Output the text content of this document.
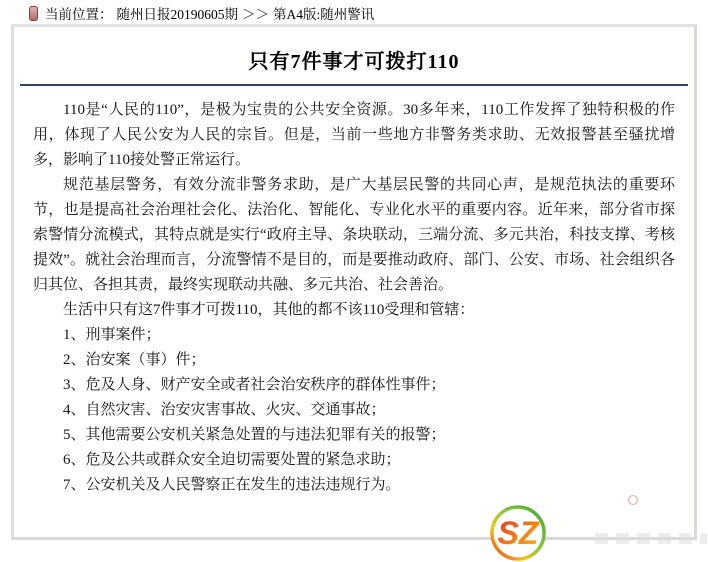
当前位置： 随州日报20190605期 ＞＞ 第A4版:随州警讯
只有7件事才可拨打110

110是“人民的110”，是极为宝贵的公共安全资源。30多年来，110工作发挥了独特积极的作用，体现了人民公安为人民的宗旨。但是，当前一些地方非警务类求助、无效报警甚至骚扰增多，影响了110接处警正常运行。

规范基层警务，有效分流非警务求助，是广大基层民警的共同心声，是规范执法的重要环节，也是提高社会治理社会化、法治化、智能化、专业化水平的重要内容。近年来，部分省市探索警情分流模式，其特点就是实行“政府主导、条块联动，三端分流、多元共治，科技支撑、考核提效”。就社会治理而言，分流警情不是目的，而是要推动政府、部门、公安、市场、社会组织各归其位、各担其责，最终实现联动共融、多元共治、社会善治。

生活中只有这7件事才可拨110，其他的都不该110受理和管辖：

1、刑事案件；

2、治安案（事）件；

3、危及人身、财产安全或者社会治安秩序的群体性事件；

4、自然灾害、治安灾害事故、火灾、交通事故；

5、其他需要公安机关紧急处置的与违法犯罪有关的报警；

6、危及公共或群众安全迫切需要处置的紧急求助；

7、公安机关及人民警察正在发生的违法违规行为。

SZ
